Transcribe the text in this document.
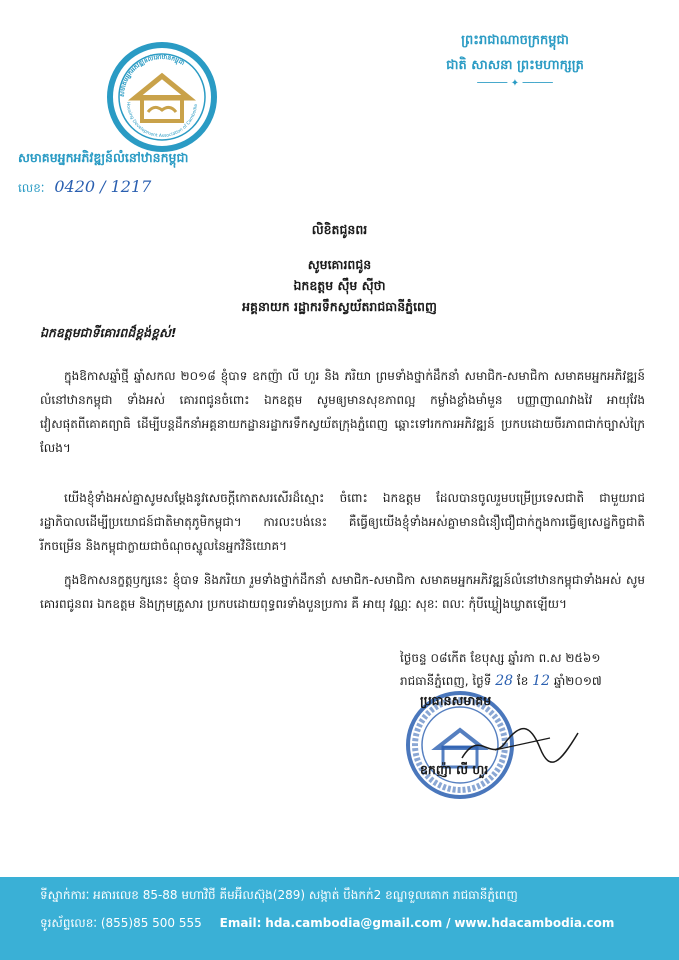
សមាគមអ្នកអភិវឌ្ឍន៍លំនៅឋានកម្ពុជា
Housing Development Association of Cambodia
សមាគមអ្នកអភិវឌ្ឍន៍លំនៅឋានកម្ពុជា
លេខៈ 0420 / 1217
ព្រះរាជាណាចក្រកម្ពុជា
ជាតិ សាសនា ព្រះមហាក្សត្រ
───── ✦ ─────
លិខិតជូនពរ
សូមគោរពជូន
ឯកឧត្តម ស៊ឹម ស៊ីថា
អគ្គនាយក រដ្ឋាករទឹកស្វយ័តរាជធានីភ្នំពេញ
ឯកឧត្តមជាទីគោរពដ៏ខ្ពង់ខ្ពស់!

ក្នុងឱកាសឆ្នាំថ្មី ឆ្នាំសកល ២០១៨ ខ្ញុំបាទ ឧកញ៉ា លី ហួរ និង ភរិយា ព្រមទាំងថ្នាក់ដឹកនាំ សមាជិក-សមាជិកា សមាគមអ្នកអភិវឌ្ឍន៍លំនៅឋានកម្ពុជា ទាំងអស់ គោរពជូនចំពោះ ឯកឧត្តម សូមឲ្យមានសុខភាពល្អ កម្លាំងខ្លាំងមាំមួន បញ្ញាញាណវាងវៃ អាយុវែង វៀសផុតពីគោគព្យាធិ ដើម្បីបន្តដឹកនាំអគ្គនាយកដ្ឋានរដ្ឋាករទឹកស្វយ័តក្រុងភ្នំពេញ ឆ្ពោះទៅរកការអភិវឌ្ឍន៍ ប្រកបដោយចីរភាពជាក់ច្បាស់ក្រៃលែង។

យើងខ្ញុំទាំងអស់គ្នាសូមសម្តែងនូវសេចក្តីកោតសរសើរដ៏ស្មោះ ចំពោះ ឯកឧត្តម ដែលបានចូលរួមបម្រើប្រទេសជាតិ ជាមួយរាជរដ្ឋាភិបាលដើម្បីប្រយោជន៍ជាតិមាតុភូមិកម្ពុជា។ ការលះបង់នេះ គឺធ្វើឲ្យយើងខ្ញុំទាំងអស់គ្នាមានជំនឿជឿជាក់ក្នុងការធ្វើឲ្យសេដ្ឋកិច្ចជាតិរីកចម្រើន និងកម្ពុជាក្លាយជាចំណុចស្នូលនៃអ្នកវិនិយោគ។

ក្នុងឱកាសនក្ខត្តឫក្សនេះ ខ្ញុំបាទ និងភរិយា រួមទាំងថ្នាក់ដឹកនាំ សមាជិក-សមាជិកា សមាគមអ្នកអភិវឌ្ឍន៍លំនៅឋានកម្ពុជាទាំងអស់ សូមគោរពជូនពរ ឯកឧត្តម និងក្រុមគ្រួសារ ប្រកបដោយពុទ្ធពរទាំងបួនប្រការ គឺ អាយុ វណ្ណៈ សុខៈ ពលៈ កុំបីឃ្លៀងឃ្លាតឡើយ។

ថ្ងៃចន្ទ ០៨កើត ខែបុស្ស ឆ្នាំរកា ព.ស ២៥៦១
រាជធានីភ្នំពេញ, ថ្ងៃទី 28 ខែ 12 ឆ្នាំ២០១៧
ប្រធានសមាគម
ឧកញ៉ា លី ហួរ
ទីស្នាក់ការៈ អគារលេខ 85-88 មហាវិថី គីមអ៊ីលស៊ុង(289) សង្កាត់ បឹងកក់2 ខណ្ឌទួលគោក រាជធានីភ្នំពេញ
ទូរស័ព្ទលេខៈ (855)85 500 555 Email: hda.cambodia@gmail.com / www.hdacambodia.com
